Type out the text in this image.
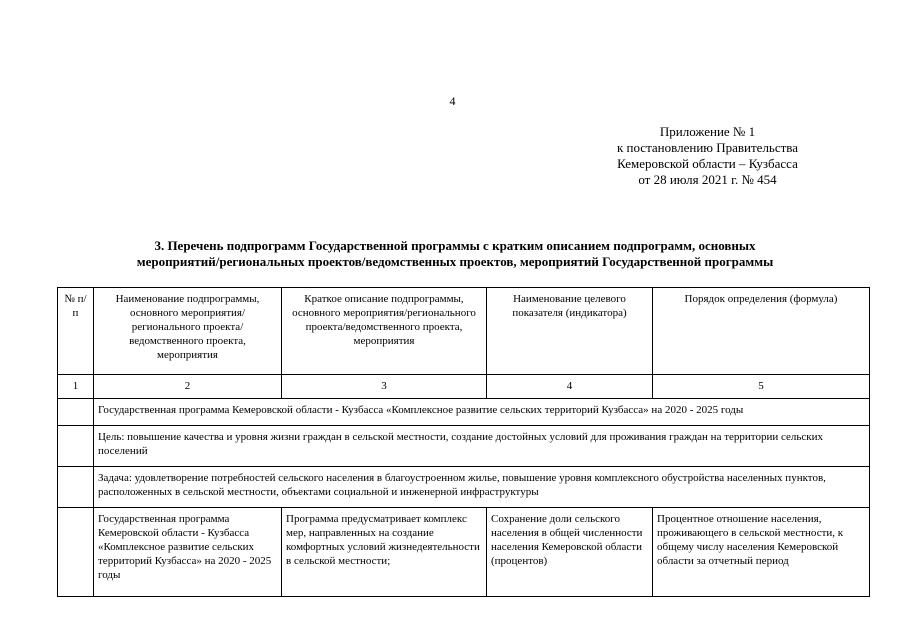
4
Приложение № 1
к постановлению Правительства
Кемеровской области – Кузбасса
от 28 июля 2021 г. № 454
3. Перечень подпрограмм Государственной программы с кратким описанием подпрограмм, основных
мероприятий/региональных проектов/ведомственных проектов, мероприятий Государственной программы
№ п/п	Наименование подпрограммы, основного мероприятия/регионального проекта/ведомственного проекта, мероприятия	Краткое описание подпрограммы, основного мероприятия/регионального проекта/ведомственного проекта, мероприятия	Наименование целевого показателя (индикатора)	Порядок определения (формула)
1	2	3	4	5
	Государственная программа Кемеровской области - Кузбасса «Комплексное развитие сельских территорий Кузбасса» на 2020 - 2025 годы			
	Цель: повышение качества и уровня жизни граждан в сельской местности, создание достойных условий для проживания граждан на территории сельских поселений			
	Задача: удовлетворение потребностей сельского населения в благоустроенном жилье, повышение уровня комплексного обустройства населенных пунктов, расположенных в сельской местности, объектами социальной и инженерной инфраструктуры			
	Государственная программа Кемеровской области - Кузбасса «Комплексное развитие сельских территорий Кузбасса» на 2020 - 2025 годы	Программа предусматривает комплекс мер, направленных на создание комфортных условий жизнедеятельности в сельской местности;	Сохранение доли сельского населения в общей численности населения Кемеровской области (процентов)	Процентное отношение населения, проживающего в сельской местности, к общему числу населения Кемеровской области за отчетный период
